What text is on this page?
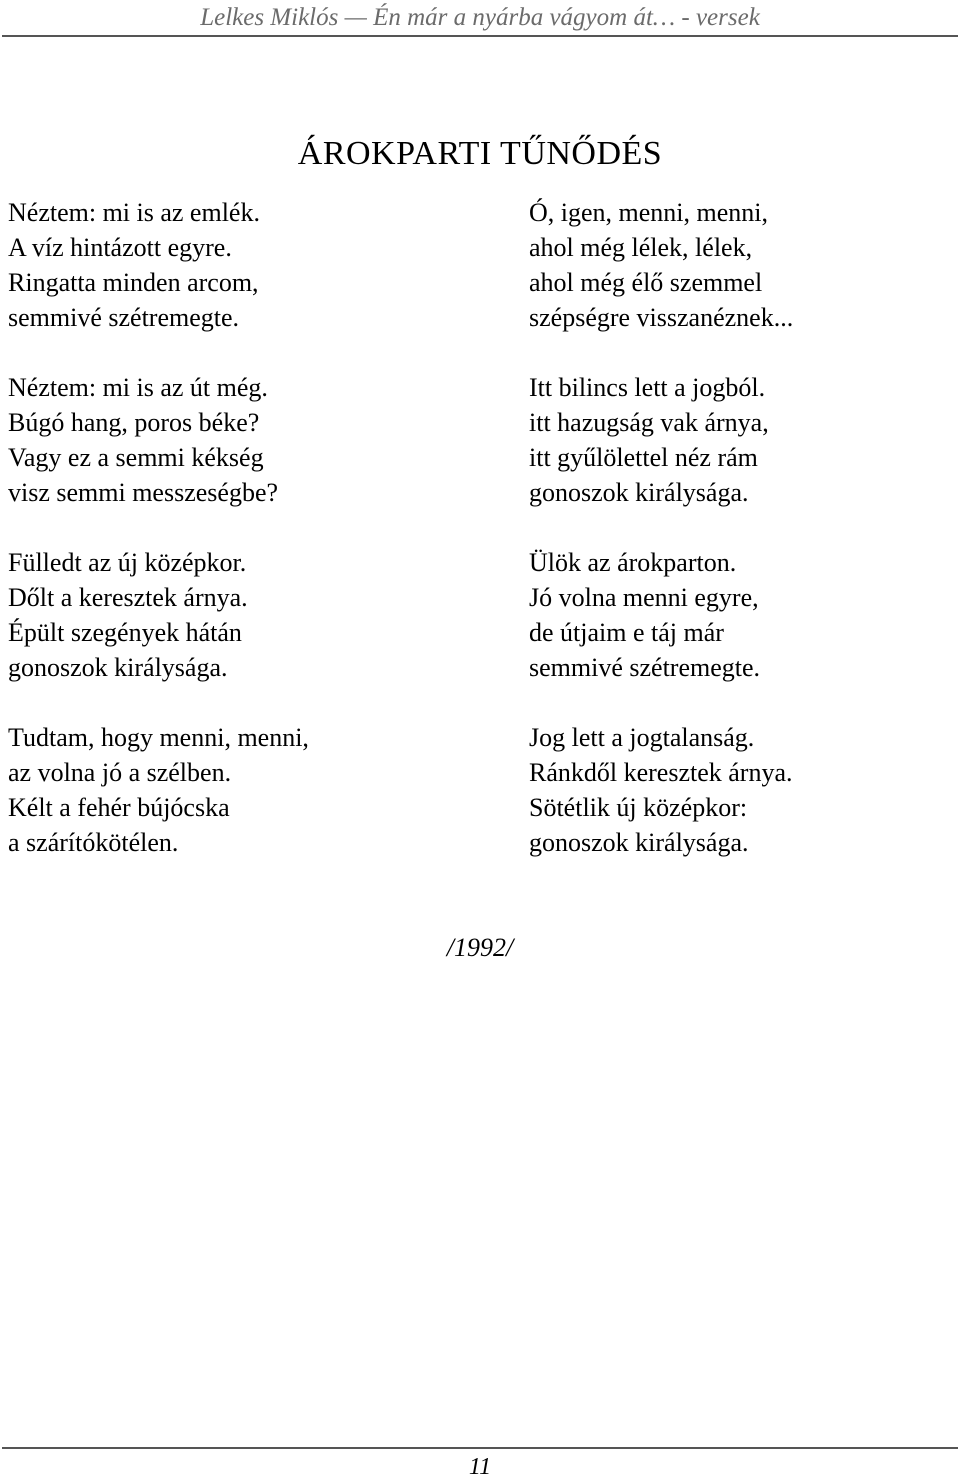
Lelkes Miklós — Én már a nyárba vágyom át… - versek
ÁROKPARTI TŰNŐDÉS
Néztem: mi is az emlék.
A víz hintázott egyre.
Ringatta minden arcom,
semmivé szétremegte.
Néztem: mi is az út még.
Búgó hang, poros béke?
Vagy ez a semmi kékség
visz semmi messzeségbe?
Fülledt az új középkor.
Dőlt a keresztek árnya.
Épült szegények hátán
gonoszok királysága.
Tudtam, hogy menni, menni,
az volna jó a szélben.
Kélt a fehér bújócska
a szárítókötélen.
Ó, igen, menni, menni,
ahol még lélek, lélek,
ahol még élő szemmel
szépségre visszanéznek...
Itt bilincs lett a jogból.
itt hazugság vak árnya,
itt gyűlölettel néz rám
gonoszok királysága.
Ülök az árokparton.
Jó volna menni egyre,
de útjaim e táj már
semmivé szétremegte.
Jog lett a jogtalanság.
Ránkdől keresztek árnya.
Sötétlik új középkor:
gonoszok királysága.
/1992/
11
